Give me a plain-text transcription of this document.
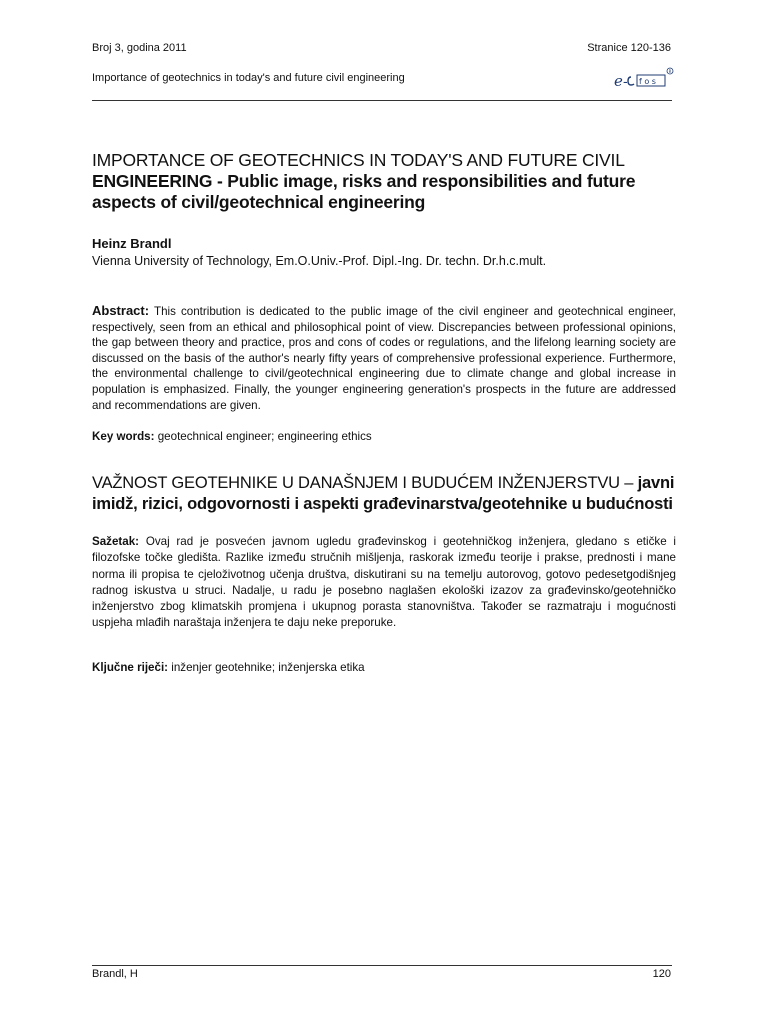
Broj 3, godina 2011	Stranice 120-136
Importance of geotechnics in today's and future civil engineering	e - f o s
R
IMPORTANCE OF GEOTECHNICS IN TODAY'S AND FUTURE CIVIL
ENGINEERING - Public image, risks and responsibilities and future aspects of civil/geotechnical engineering
Heinz Brandl
Vienna University of Technology, Em.O.Univ.-Prof. Dipl.-Ing. Dr. techn. Dr.h.c.mult.
Abstract: This contribution is dedicated to the public image of the civil engineer and geotechnical engineer, respectively, seen from an ethical and philosophical point of view. Discrepancies between professional opinions, the gap between theory and practice, pros and cons of codes or regulations, and the lifelong learning society are discussed on the basis of the author's nearly fifty years of comprehensive professional experience. Furthermore, the environmental challenge to civil/geotechnical engineering due to climate change and global increase in population is emphasized. Finally, the younger engineering generation's prospects in the future are addressed and recommendations are given.
Key words: geotechnical engineer; engineering ethics
VAŽNOST GEOTEHNIKE U DANAŠNJEM I BUDUĆEM INŽENJERSTVU – javni imidž, rizici, odgovornosti i aspekti građevinarstva/geotehnike u budućnosti
Sažetak: Ovaj rad je posvećen javnom ugledu građevinskog i geotehničkog inženjera, gledano s etičke i filozofske točke gledišta. Razlike između stručnih mišljenja, raskorak između teorije i prakse, prednosti i mane norma ili propisa te cjeloživotnog učenja društva, diskutirani su na temelju autorovog, gotovo pedesetgodišnjeg radnog iskustva u struci. Nadalje, u radu je posebno naglašen ekološki izazov za građevinsko/geotehničko inženjerstvo zbog klimatskih promjena i ukupnog porasta stanovništva. Također se razmatraju i mogućnosti uspjeha mlađih naraštaja inženjera te daju neke preporuke.
Ključne riječi: inženjer geotehnike; inženjerska etika
Brandl, H	120
